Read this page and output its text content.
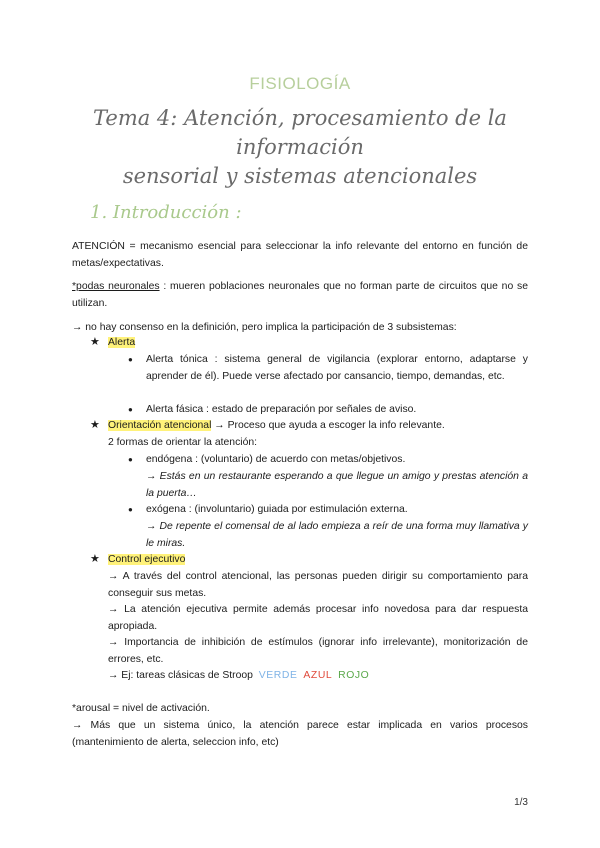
FISIOLOGÍA
Tema 4: Atención, procesamiento de la información
sensorial y sistemas atencionales
1. Introducción :
ATENCIÓN = mecanismo esencial para seleccionar la info relevante del entorno en función de metas/expectativas.
*podas neuronales : mueren poblaciones neuronales que no forman parte de circuitos que no se utilizan.
→ no hay consenso en la definición, pero implica la participación de 3 subsistemas:
★ Alerta
● Alerta tónica : sistema general de vigilancia (explorar entorno, adaptarse y aprender de él). Puede verse afectado por cansancio, tiempo, demandas, etc.
● Alerta fásica : estado de preparación por señales de aviso.
★ Orientación atencional → Proceso que ayuda a escoger la info relevante.
2 formas de orientar la atención:
● endógena : (voluntario) de acuerdo con metas/objetivos.
→ Estás en un restaurante esperando a que llegue un amigo y prestas atención a la puerta…
● exógena : (involuntario) guiada por estimulación externa.
→ De repente el comensal de al lado empieza a reír de una forma muy llamativa y le miras.
★ Control ejecutivo
→ A través del control atencional, las personas pueden dirigir su comportamiento para conseguir sus metas.
→ La atención ejecutiva permite además procesar info novedosa para dar respuesta apropiada.
→ Importancia de inhibición de estímulos (ignorar info irrelevante), monitorización de errores, etc.
→ Ej: tareas clásicas de Stroop VERDE AZUL ROJO
*arousal = nivel de activación.
→ Más que un sistema único, la atención parece estar implicada en varios procesos (mantenimiento de alerta, seleccion info, etc)
1/3
